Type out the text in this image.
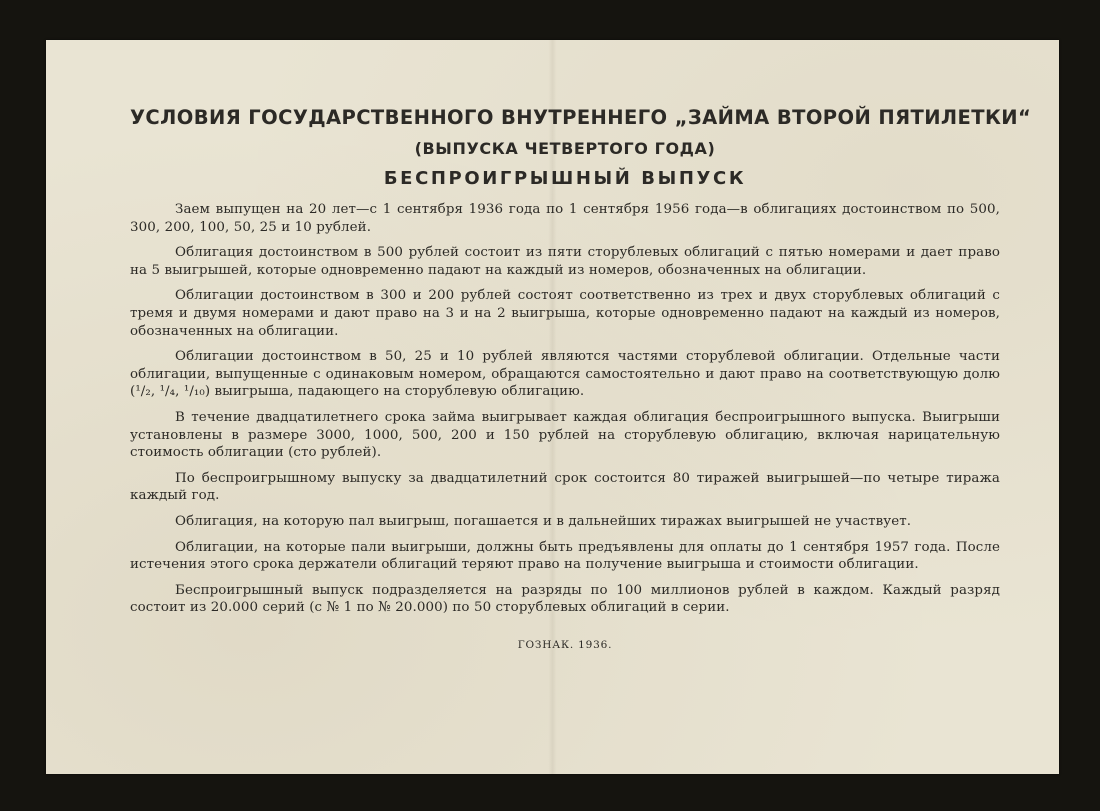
УСЛОВИЯ ГОСУДАРСТВЕННОГО ВНУТРЕННЕГО „ЗАЙМА ВТОРОЙ ПЯТИЛЕТКИ“
(ВЫПУСКА ЧЕТВЕРТОГО ГОДА)
БЕСПРОИГРЫШНЫЙ ВЫПУСК

Заем выпущен на 20 лет—с 1 сентября 1936 года по 1 сентября 1956 года—в облигациях достоинством по 500, 300, 200, 100, 50, 25 и 10 рублей.

Облигация достоинством в 500 рублей состоит из пяти сторублевых облигаций с пятью номерами и дает право на 5 выигрышей, которые одновременно падают на каждый из номеров, обозначенных на облигации.

Облигации достоинством в 300 и 200 рублей состоят соответственно из трех и двух сторублевых облигаций с тремя и двумя номерами и дают право на 3 и на 2 выигрыша, которые одновременно падают на каждый из номеров, обозначенных на облигации.

Облигации достоинством в 50, 25 и 10 рублей являются частями сторублевой облигации. Отдельные части облигации, выпущенные с одинаковым номером, обращаются самостоятельно и дают право на соответствующую долю (¹/₂, ¹/₄, ¹/₁₀) выигрыша, падающего на сторублевую облигацию.

В течение двадцатилетнего срока займа выигрывает каждая облигация беспроигрышного выпуска. Выигрыши установлены в размере 3000, 1000, 500, 200 и 150 рублей на сторублевую облигацию, включая нарицательную стоимость облигации (сто рублей).

По беспроигрышному выпуску за двадцатилетний срок состоится 80 тиражей выигрышей—по четыре тиража каждый год.

Облигация, на которую пал выигрыш, погашается и в дальнейших тиражах выигрышей не участвует.

Облигации, на которые пали выигрыши, должны быть предъявлены для оплаты до 1 сентября 1957 года. После истечения этого срока держатели облигаций теряют право на получение выигрыша и стоимости облигации.

Беспроигрышный выпуск подразделяется на разряды по 100 миллионов рублей в каждом. Каждый разряд состоит из 20.000 серий (с № 1 по № 20.000) по 50 сторублевых облигаций в серии.

ГОЗНАК. 1936.
